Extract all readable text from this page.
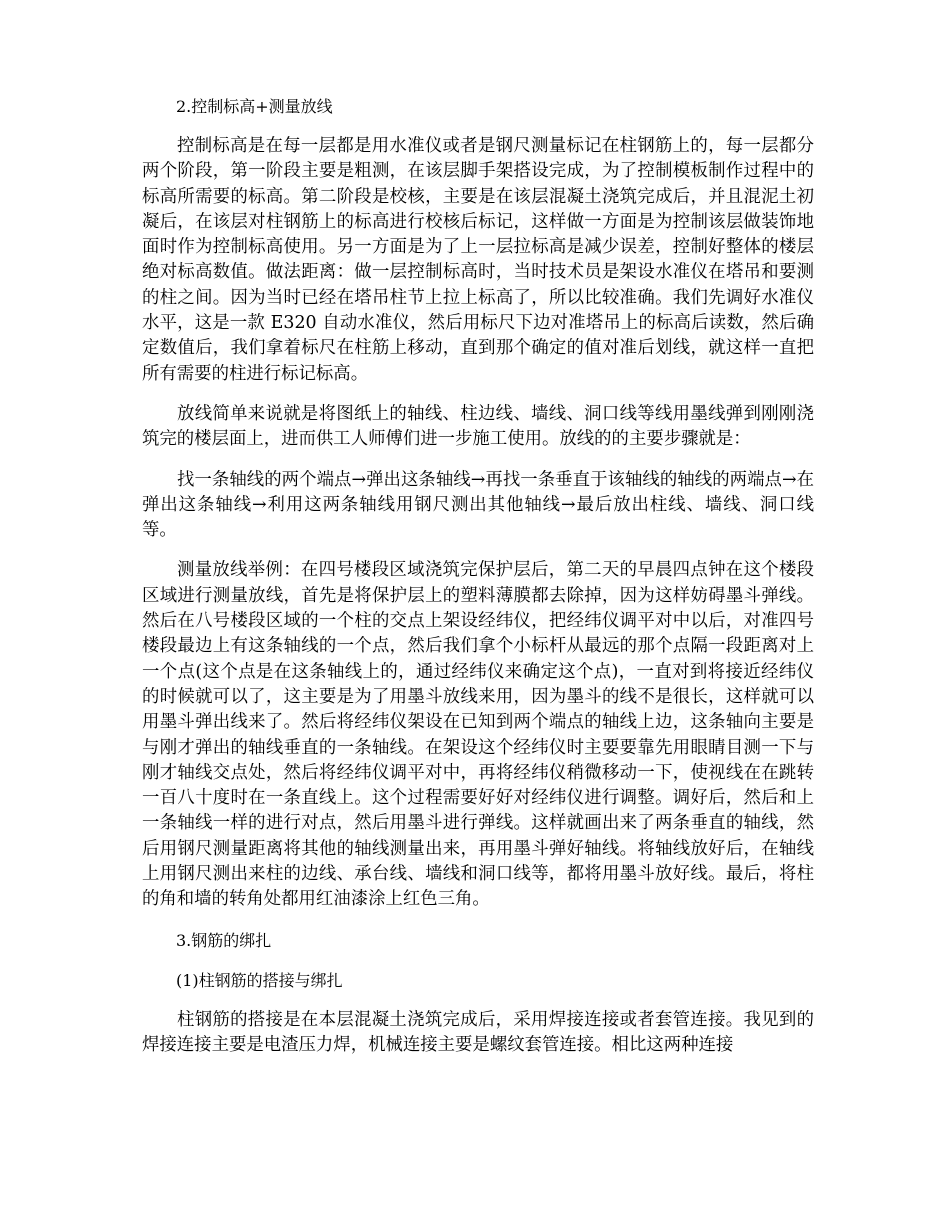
2.控制标高+测量放线

控制标高是在每一层都是用水准仪或者是钢尺测量标记在柱钢筋上的，每一层都分两个阶段，第一阶段主要是粗测，在该层脚手架搭设完成，为了控制模板制作过程中的标高所需要的标高。第二阶段是校核，主要是在该层混凝土浇筑完成后，并且混泥土初凝后，在该层对柱钢筋上的标高进行校核后标记，这样做一方面是为控制该层做装饰地面时作为控制标高使用。另一方面是为了上一层拉标高是减少误差，控制好整体的楼层绝对标高数值。做法距离：做一层控制标高时，当时技术员是架设水准仪在塔吊和要测的柱之间。因为当时已经在塔吊柱节上拉上标高了，所以比较准确。我们先调好水准仪水平，这是一款 E320 自动水准仪，然后用标尺下边对准塔吊上的标高后读数，然后确定数值后，我们拿着标尺在柱筋上移动，直到那个确定的值对准后划线，就这样一直把所有需要的柱进行标记标高。

放线简单来说就是将图纸上的轴线、柱边线、墙线、洞口线等线用墨线弹到刚刚浇筑完的楼层面上，进而供工人师傅们进一步施工使用。放线的的主要步骤就是：

找一条轴线的两个端点→弹出这条轴线→再找一条垂直于该轴线的轴线的两端点→在弹出这条轴线→利用这两条轴线用钢尺测出其他轴线→最后放出柱线、墙线、洞口线等。

测量放线举例：在四号楼段区域浇筑完保护层后，第二天的早晨四点钟在这个楼段区域进行测量放线，首先是将保护层上的塑料薄膜都去除掉，因为这样妨碍墨斗弹线。然后在八号楼段区域的一个柱的交点上架设经纬仪，把经纬仪调平对中以后，对准四号楼段最边上有这条轴线的一个点，然后我们拿个小标杆从最远的那个点隔一段距离对上一个点(这个点是在这条轴线上的，通过经纬仪来确定这个点)，一直对到将接近经纬仪的时候就可以了，这主要是为了用墨斗放线来用，因为墨斗的线不是很长，这样就可以用墨斗弹出线来了。然后将经纬仪架设在已知到两个端点的轴线上边，这条轴向主要是与刚才弹出的轴线垂直的一条轴线。在架设这个经纬仪时主要要靠先用眼睛目测一下与刚才轴线交点处，然后将经纬仪调平对中，再将经纬仪稍微移动一下，使视线在在跳转一百八十度时在一条直线上。这个过程需要好好对经纬仪进行调整。调好后，然后和上一条轴线一样的进行对点，然后用墨斗进行弹线。这样就画出来了两条垂直的轴线，然后用钢尺测量距离将其他的轴线测量出来，再用墨斗弹好轴线。将轴线放好后，在轴线上用钢尺测出来柱的边线、承台线、墙线和洞口线等，都将用墨斗放好线。最后，将柱的角和墙的转角处都用红油漆涂上红色三角。

3.钢筋的绑扎

(1)柱钢筋的搭接与绑扎

柱钢筋的搭接是在本层混凝土浇筑完成后，采用焊接连接或者套管连接。我见到的焊接连接主要是电渣压力焊，机械连接主要是螺纹套管连接。相比这两种连接
